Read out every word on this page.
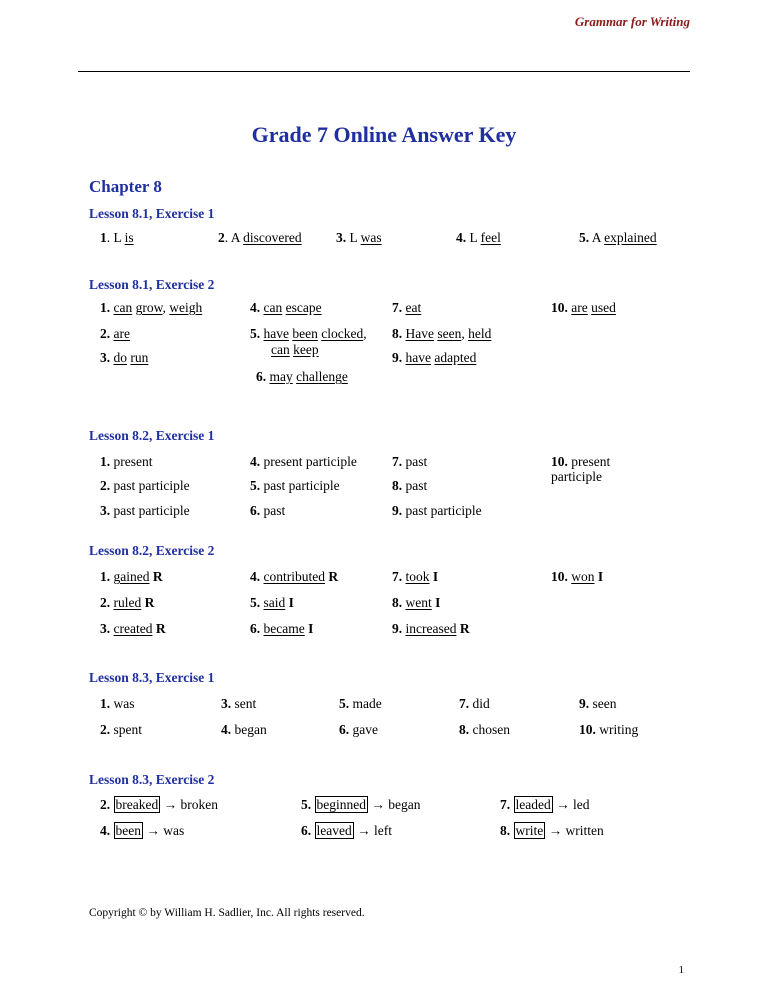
Grammar for Writing
Grade 7 Online Answer Key
Chapter 8
Lesson 8.1, Exercise 1
1. L is	2. A discovered	3. L was	4. L feel	5. A explained
Lesson 8.1, Exercise 2
1. can grow, weigh
2. are
3. do run
4. can escape
5. have been clocked,
can keep
6. may challenge
7. eat
8. Have seen, held
9. have adapted
10. are used
Lesson 8.2, Exercise 1
1. present
2. past participle
3. past participle
4. present participle
5. past participle
6. past
7. past
8. past
9. past participle
10. present participle
Lesson 8.2, Exercise 2
1. gained R
2. ruled R
3. created R
4. contributed R
5. said I
6. became I
7. took I
8. went I
9. increased R
10. won I
Lesson 8.3, Exercise 1
1. was
2. spent
3. sent
4. began
5. made
6. gave
7. did
8. chosen
9. seen
10. writing
Lesson 8.3, Exercise 2
2. breaked → broken
4. been → was
5. beginned → began
6. leaved → left
7. leaded → led
8. write → written
Copyright © by William H. Sadlier, Inc. All rights reserved.
1
